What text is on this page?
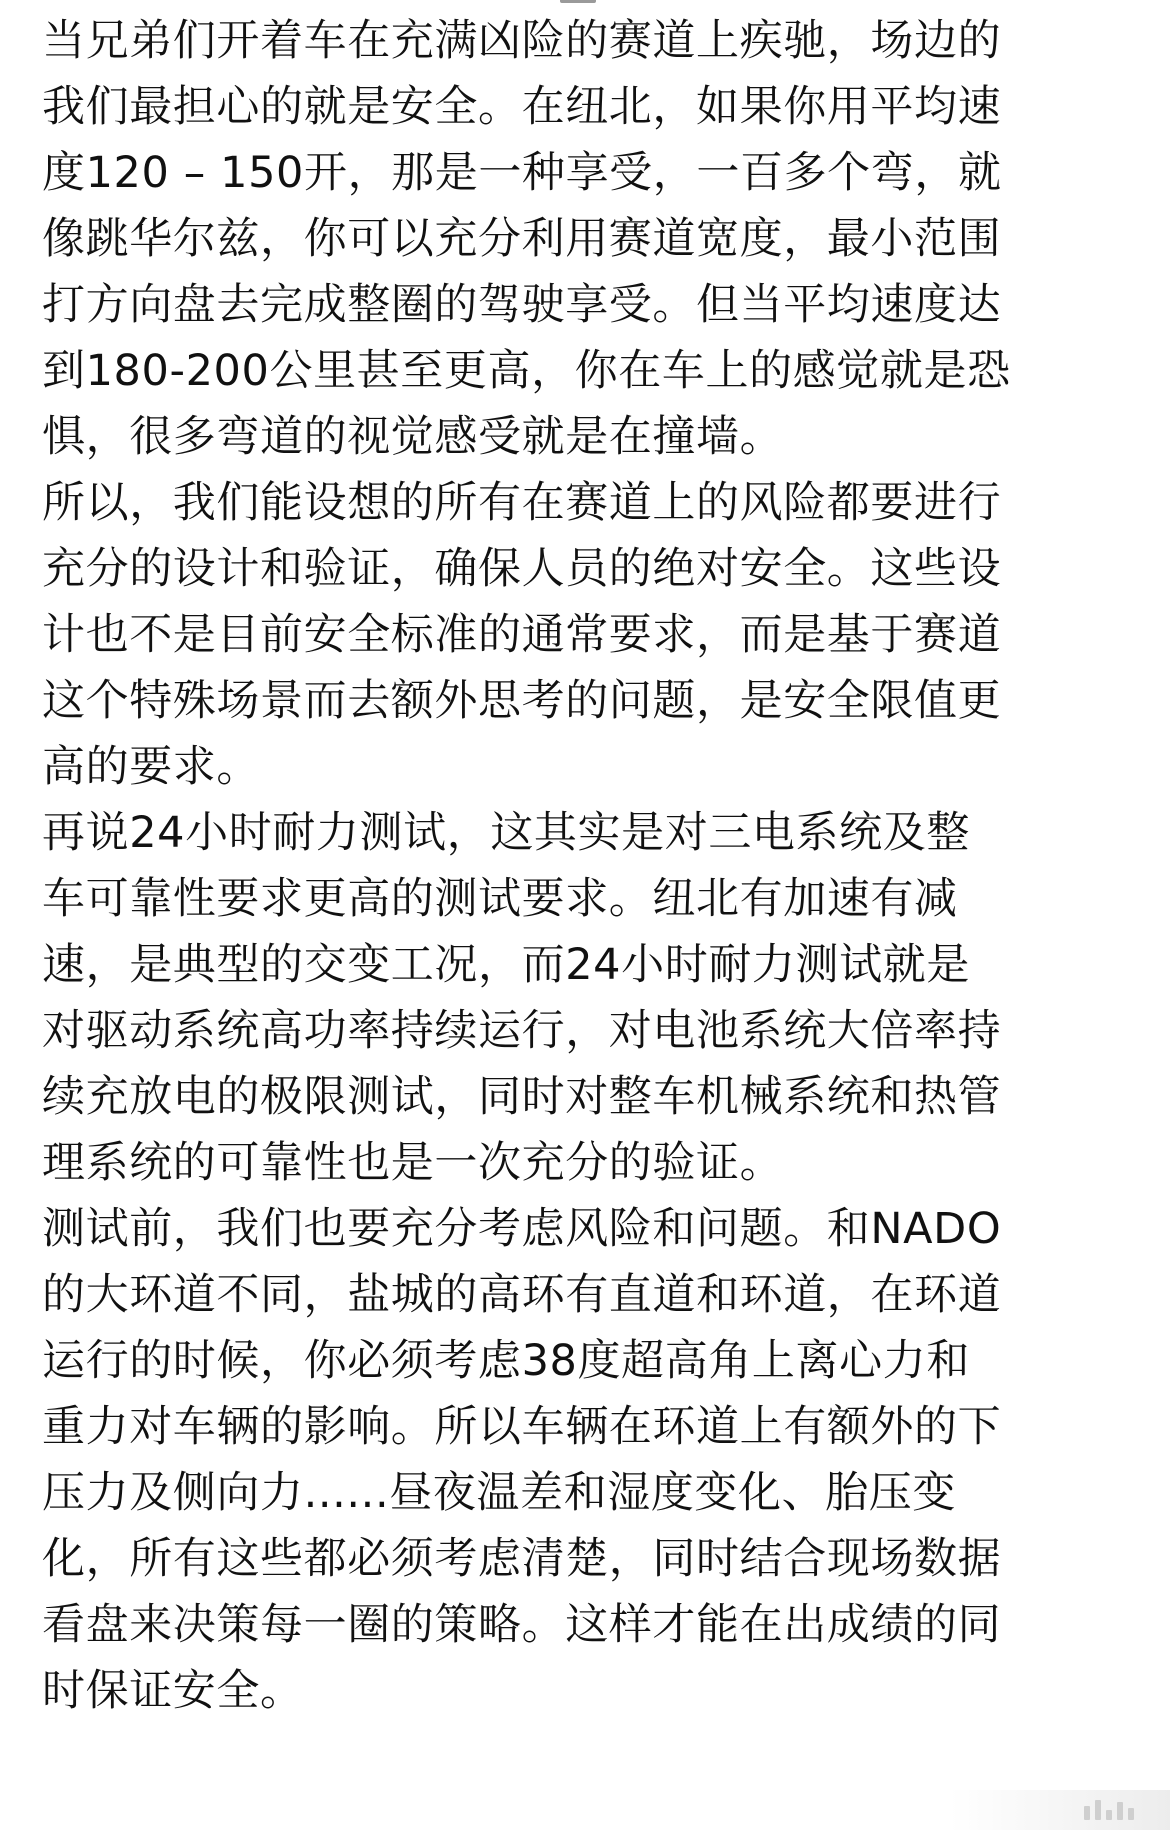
当兄弟们开着车在充满凶险的赛道上疾驰，场边的
我们最担心的就是安全。在纽北，如果你用平均速
度120 – 150开，那是一种享受，一百多个弯，就
像跳华尔兹，你可以充分利用赛道宽度，最小范围
打方向盘去完成整圈的驾驶享受。但当平均速度达
到180-200公里甚至更高，你在车上的感觉就是恐
惧，很多弯道的视觉感受就是在撞墙。
所以，我们能设想的所有在赛道上的风险都要进行
充分的设计和验证，确保人员的绝对安全。这些设
计也不是目前安全标准的通常要求，而是基于赛道
这个特殊场景而去额外思考的问题，是安全限值更
高的要求。
再说24小时耐力测试，这其实是对三电系统及整
车可靠性要求更高的测试要求。纽北有加速有减
速，是典型的交变工况，而24小时耐力测试就是
对驱动系统高功率持续运行，对电池系统大倍率持
续充放电的极限测试，同时对整车机械系统和热管
理系统的可靠性也是一次充分的验证。
测试前，我们也要充分考虑风险和问题。和NADO
的大环道不同，盐城的高环有直道和环道，在环道
运行的时候，你必须考虑38度超高角上离心力和
重力对车辆的影响。所以车辆在环道上有额外的下
压力及侧向力......昼夜温差和湿度变化、胎压变
化，所有这些都必须考虑清楚，同时结合现场数据
看盘来决策每一圈的策略。这样才能在出成绩的同
时保证安全。
